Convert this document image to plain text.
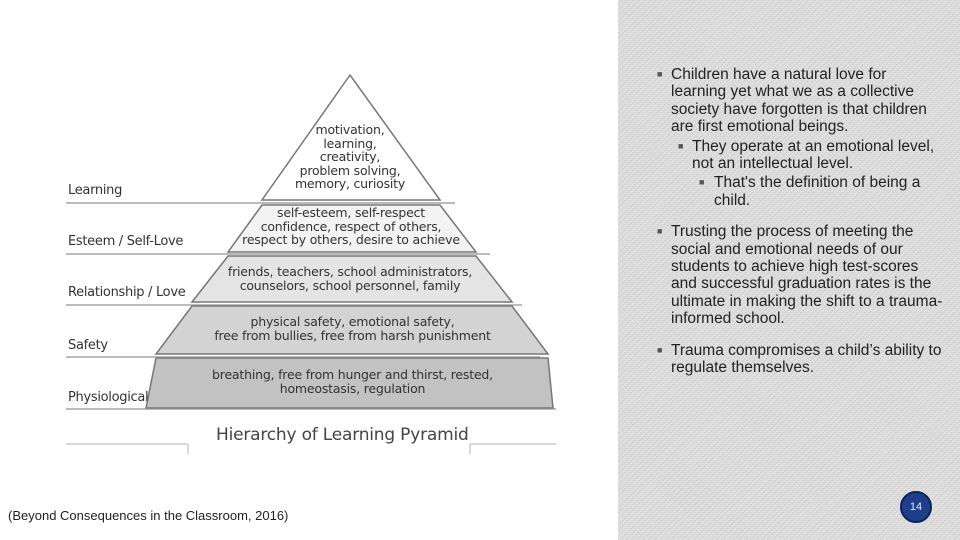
motivation,
learning,
creativity,
problem solving,
memory, curiosity
self-esteem, self-respect
confidence, respect of others,
respect by others, desire to achieve
friends, teachers, school administrators,
counselors, school personnel, family
physical safety, emotional safety,
free from bullies, free from harsh punishment
breathing, free from hunger and thirst, rested,
homeostasis, regulation
Learning
Esteem / Self-Love
Relationship / Love
Safety
Physiological
Hierarchy of Learning Pyramid
(Beyond Consequences in the Classroom, 2016)
■ Children have a natural love for learning yet what we as a collective society have forgotten is that children are first emotional beings.
■ They operate at an emotional level, not an intellectual level.
■ That's the definition of being a child.
■ Trusting the process of meeting the social and emotional needs of our students to achieve high test-scores and successful graduation rates is the ultimate in making the shift to a trauma-informed school.
■ Trauma compromises a child’s ability to regulate themselves.
14
